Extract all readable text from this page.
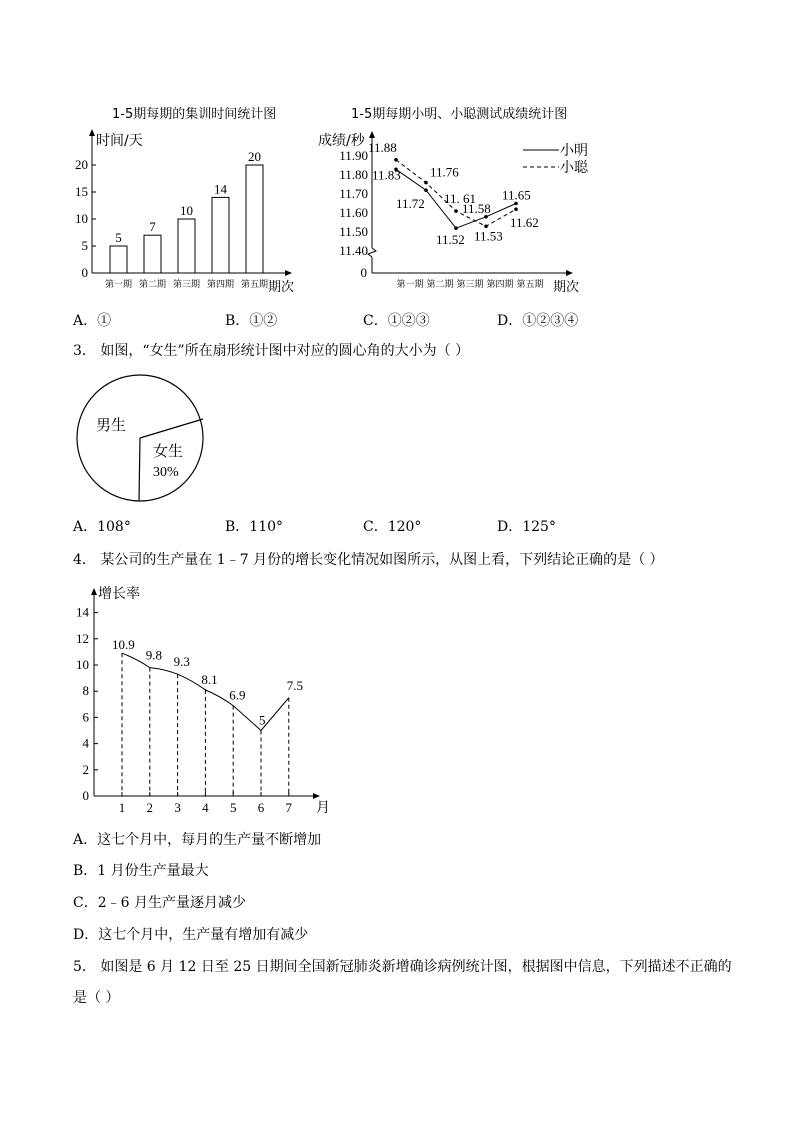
1-5期每期的集训时间统计图
时间/天
期次
0
5
10
15
20
5
第一期
7
第二期
10
第三期
14
第四期
20
第五期
1-5期每期小明、小聪测试成绩统计图
0
成绩/秒
期次
11.40
11.50
11.60
11.70
11.80
11.90
第一期 第二期 第三期 第四期 第五期
11.83
11.72
11.52
11.58
11.65
11.88
11.76
11. 61
11.53
11.62
小明
小聪
A．①	B．①②	C．①②③	D．①②③④
3． 如图，“女生”所在扇形统计图中对应的圆心角的大小为（ ）
男生
女生
30%
A．108°	B．110°	C．120°	D．125°
4． 某公司的生产量在 1﹣7 月份的增长变化情况如图所示，从图上看，下列结论正确的是（ ）
增长率
月
0
2
4
6
8
10
12
14
1
10.9
2
9.8
3
9.3
4
8.1
5
6.9
6
5
7
7.5
A．这七个月中，每月的生产量不断增加
B．1 月份生产量最大
C．2﹣6 月生产量逐月减少
D．这七个月中，生产量有增加有减少
5． 如图是 6 月 12 日至 25 日期间全国新冠肺炎新增确诊病例统计图，根据图中信息，下列描述不正确的
是（ ）
